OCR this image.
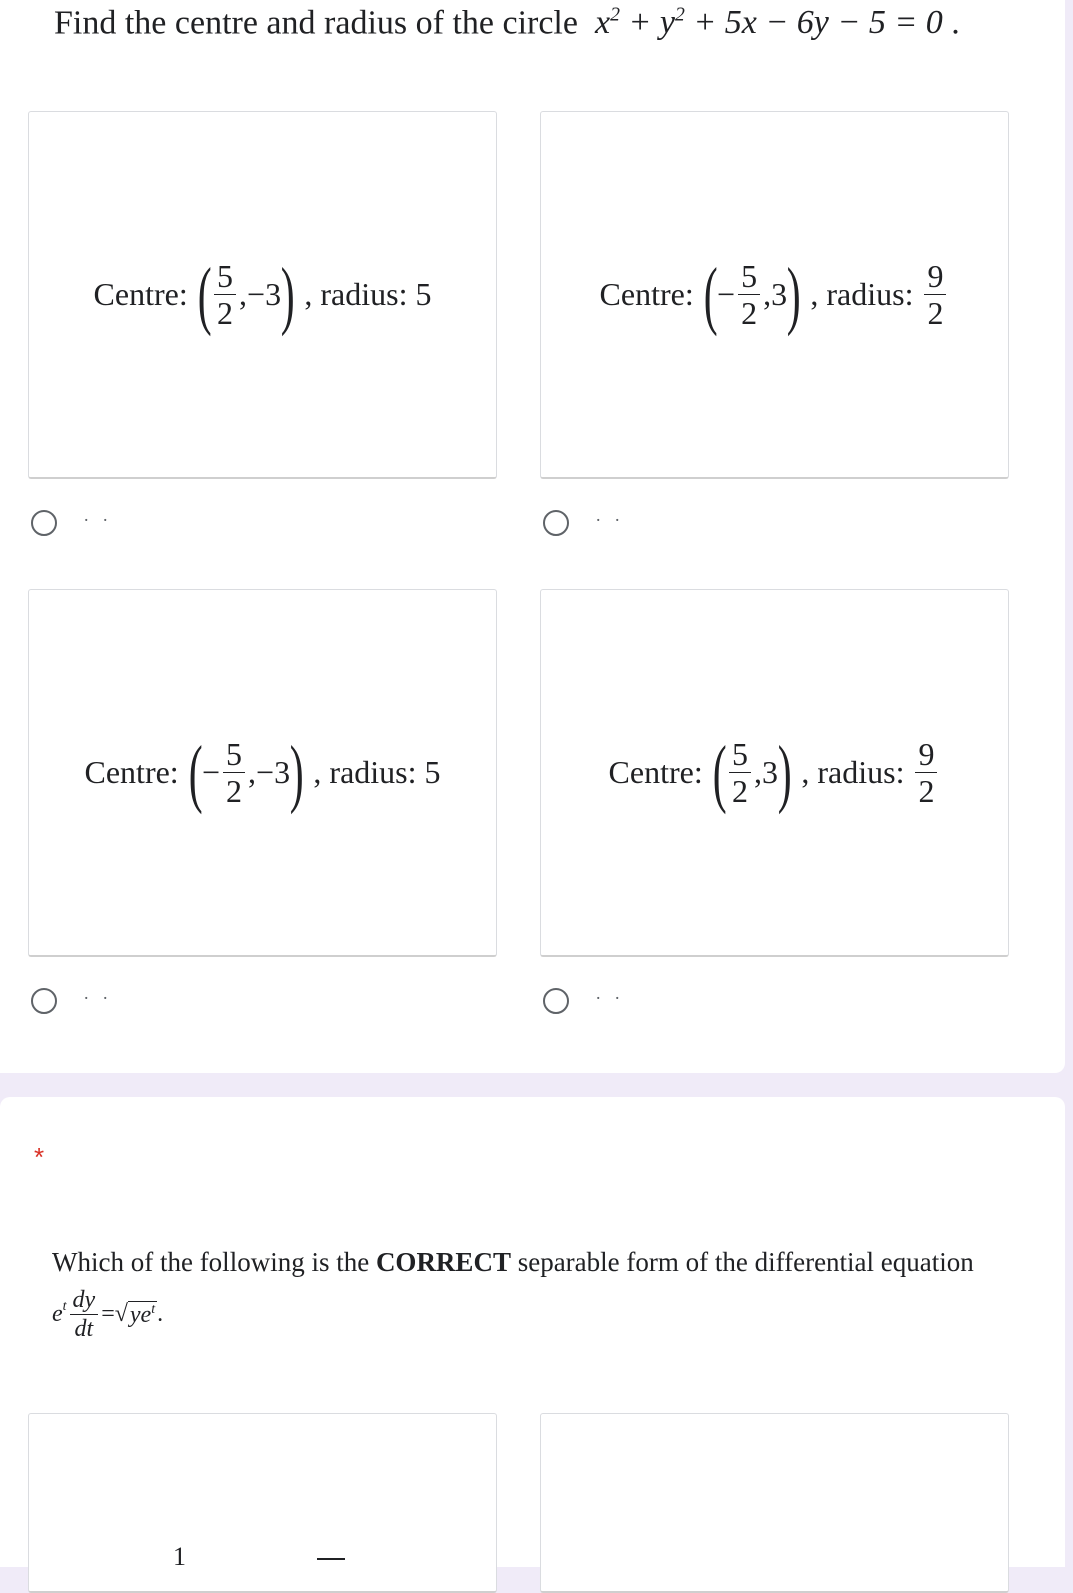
Find the centre and radius of the circle $x^2 + y^2 + 5x - 6y - 5 = 0$ .
Centre: ( $\frac{5}{2} ,-3$ ) , radius:
5
. .
Centre: ( − $\frac{5}{2} ,3$ ) , radius:
$\frac{9}{2}$
. .
Centre: ( − $\frac{5}{2} ,-3$ ) , radius:
5
. .
Centre: ( $\frac{5}{2} ,3$ ) , radius:
$\frac{9}{2}$
. .
*
Which of the following is the CORRECT separable form of the differential equation
$e^t \frac{dy}{dt}$ = √ $ye^t$ .
1
